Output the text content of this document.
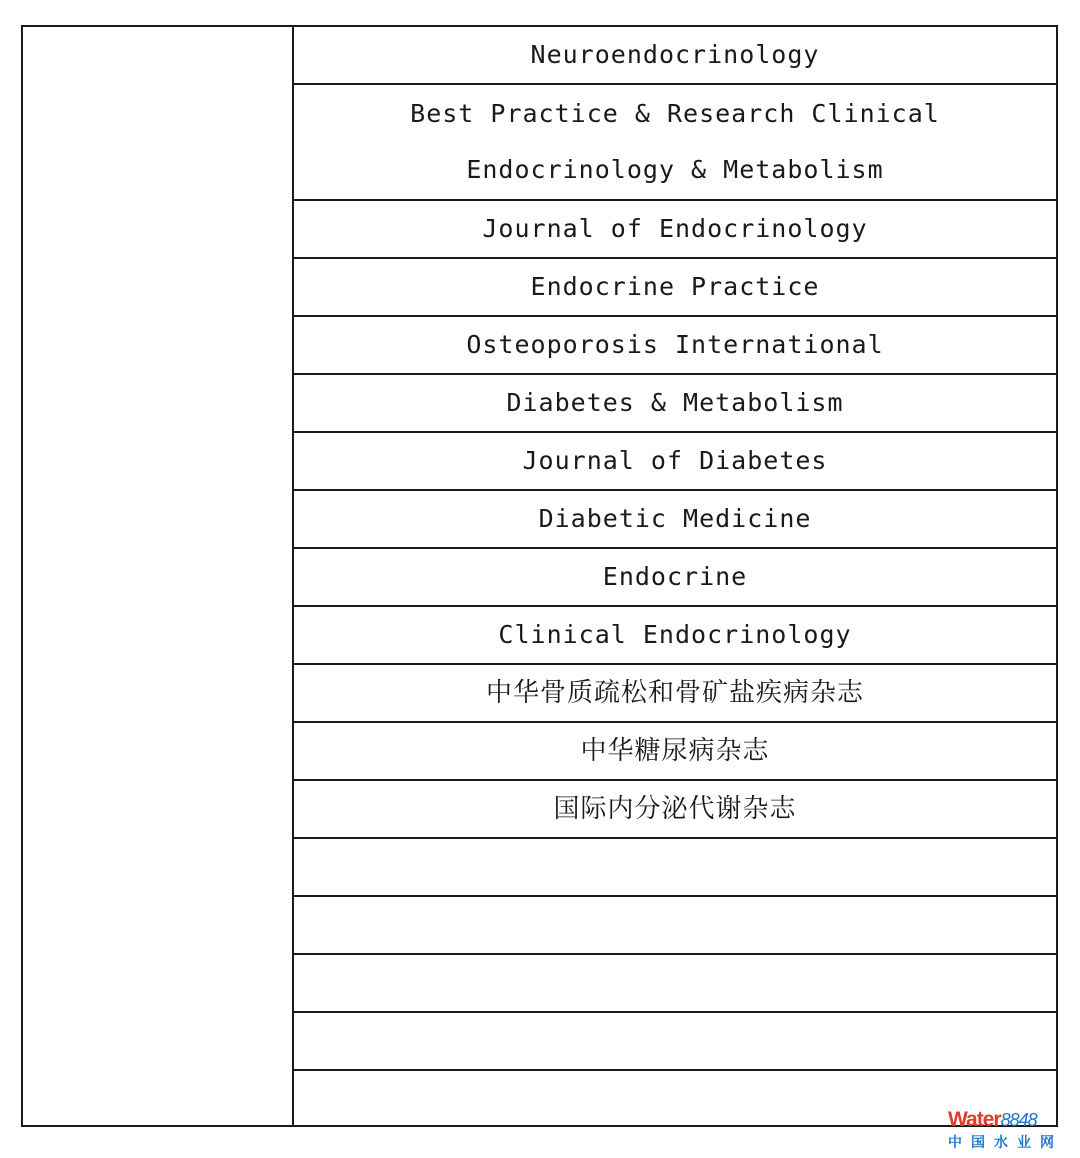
Neuroendocrinology
Best Practice & Research Clinical Endocrinology & Metabolism
Journal of Endocrinology
Endocrine Practice
Osteoporosis International
Diabetes & Metabolism
Journal of Diabetes
Diabetic Medicine
Endocrine
Clinical Endocrinology
中华骨质疏松和骨矿盐疾病杂志
中华糖尿病杂志
国际内分泌代谢杂志
Water8848
中国水业网
